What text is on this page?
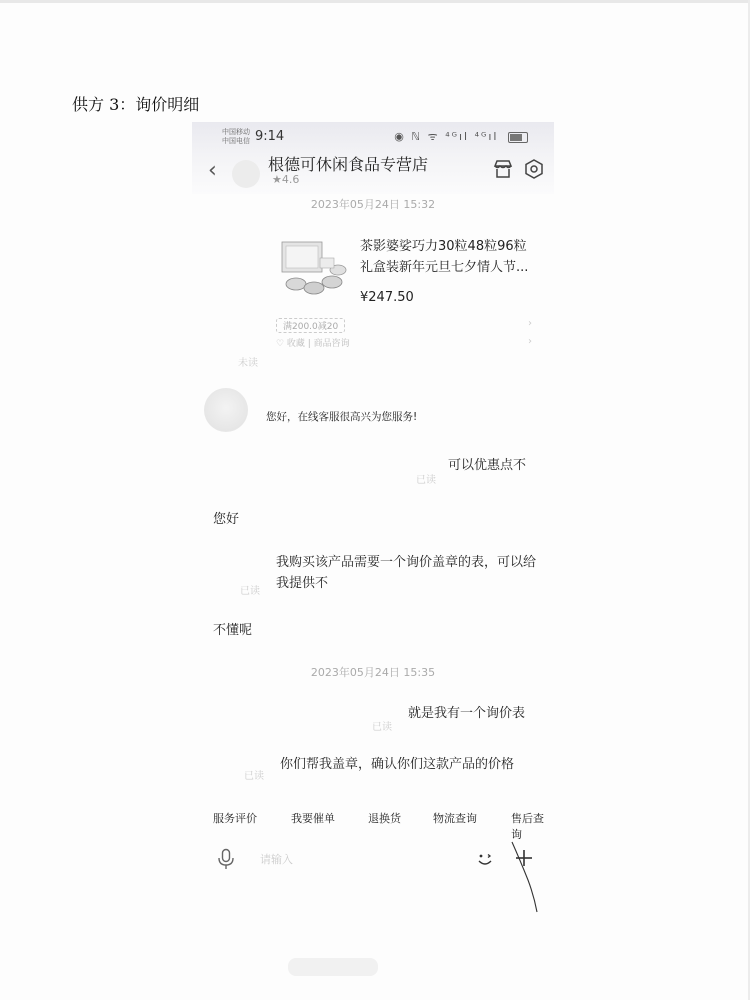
供方 3：询价明细
中国移动
中国电信 9:14	◉ ℕ ᯤ ⁴ᴳıl ⁴ᴳıl
‹	根德可休闲食品专营店
★4.6
2023年05月24日 15:32
茶影婆娑巧力30粒48粒96粒礼盒装新年元旦七夕情人节...
¥247.50
满200.0减20	›
♡ 收藏 | 商品咨询	›
未读
您好，在线客服很高兴为您服务!
可以优惠点不
已读
我购买该产品需要一个询价盖章的表，可以给我提供不
已读
2023年05月24日 15:35
就是我有一个询价表
已读
你们帮我盖章，确认你们这款产品的价格
已读
服务评价	我要催单	退换货	物流查询	售后查询
请输入
您好
不懂呢
